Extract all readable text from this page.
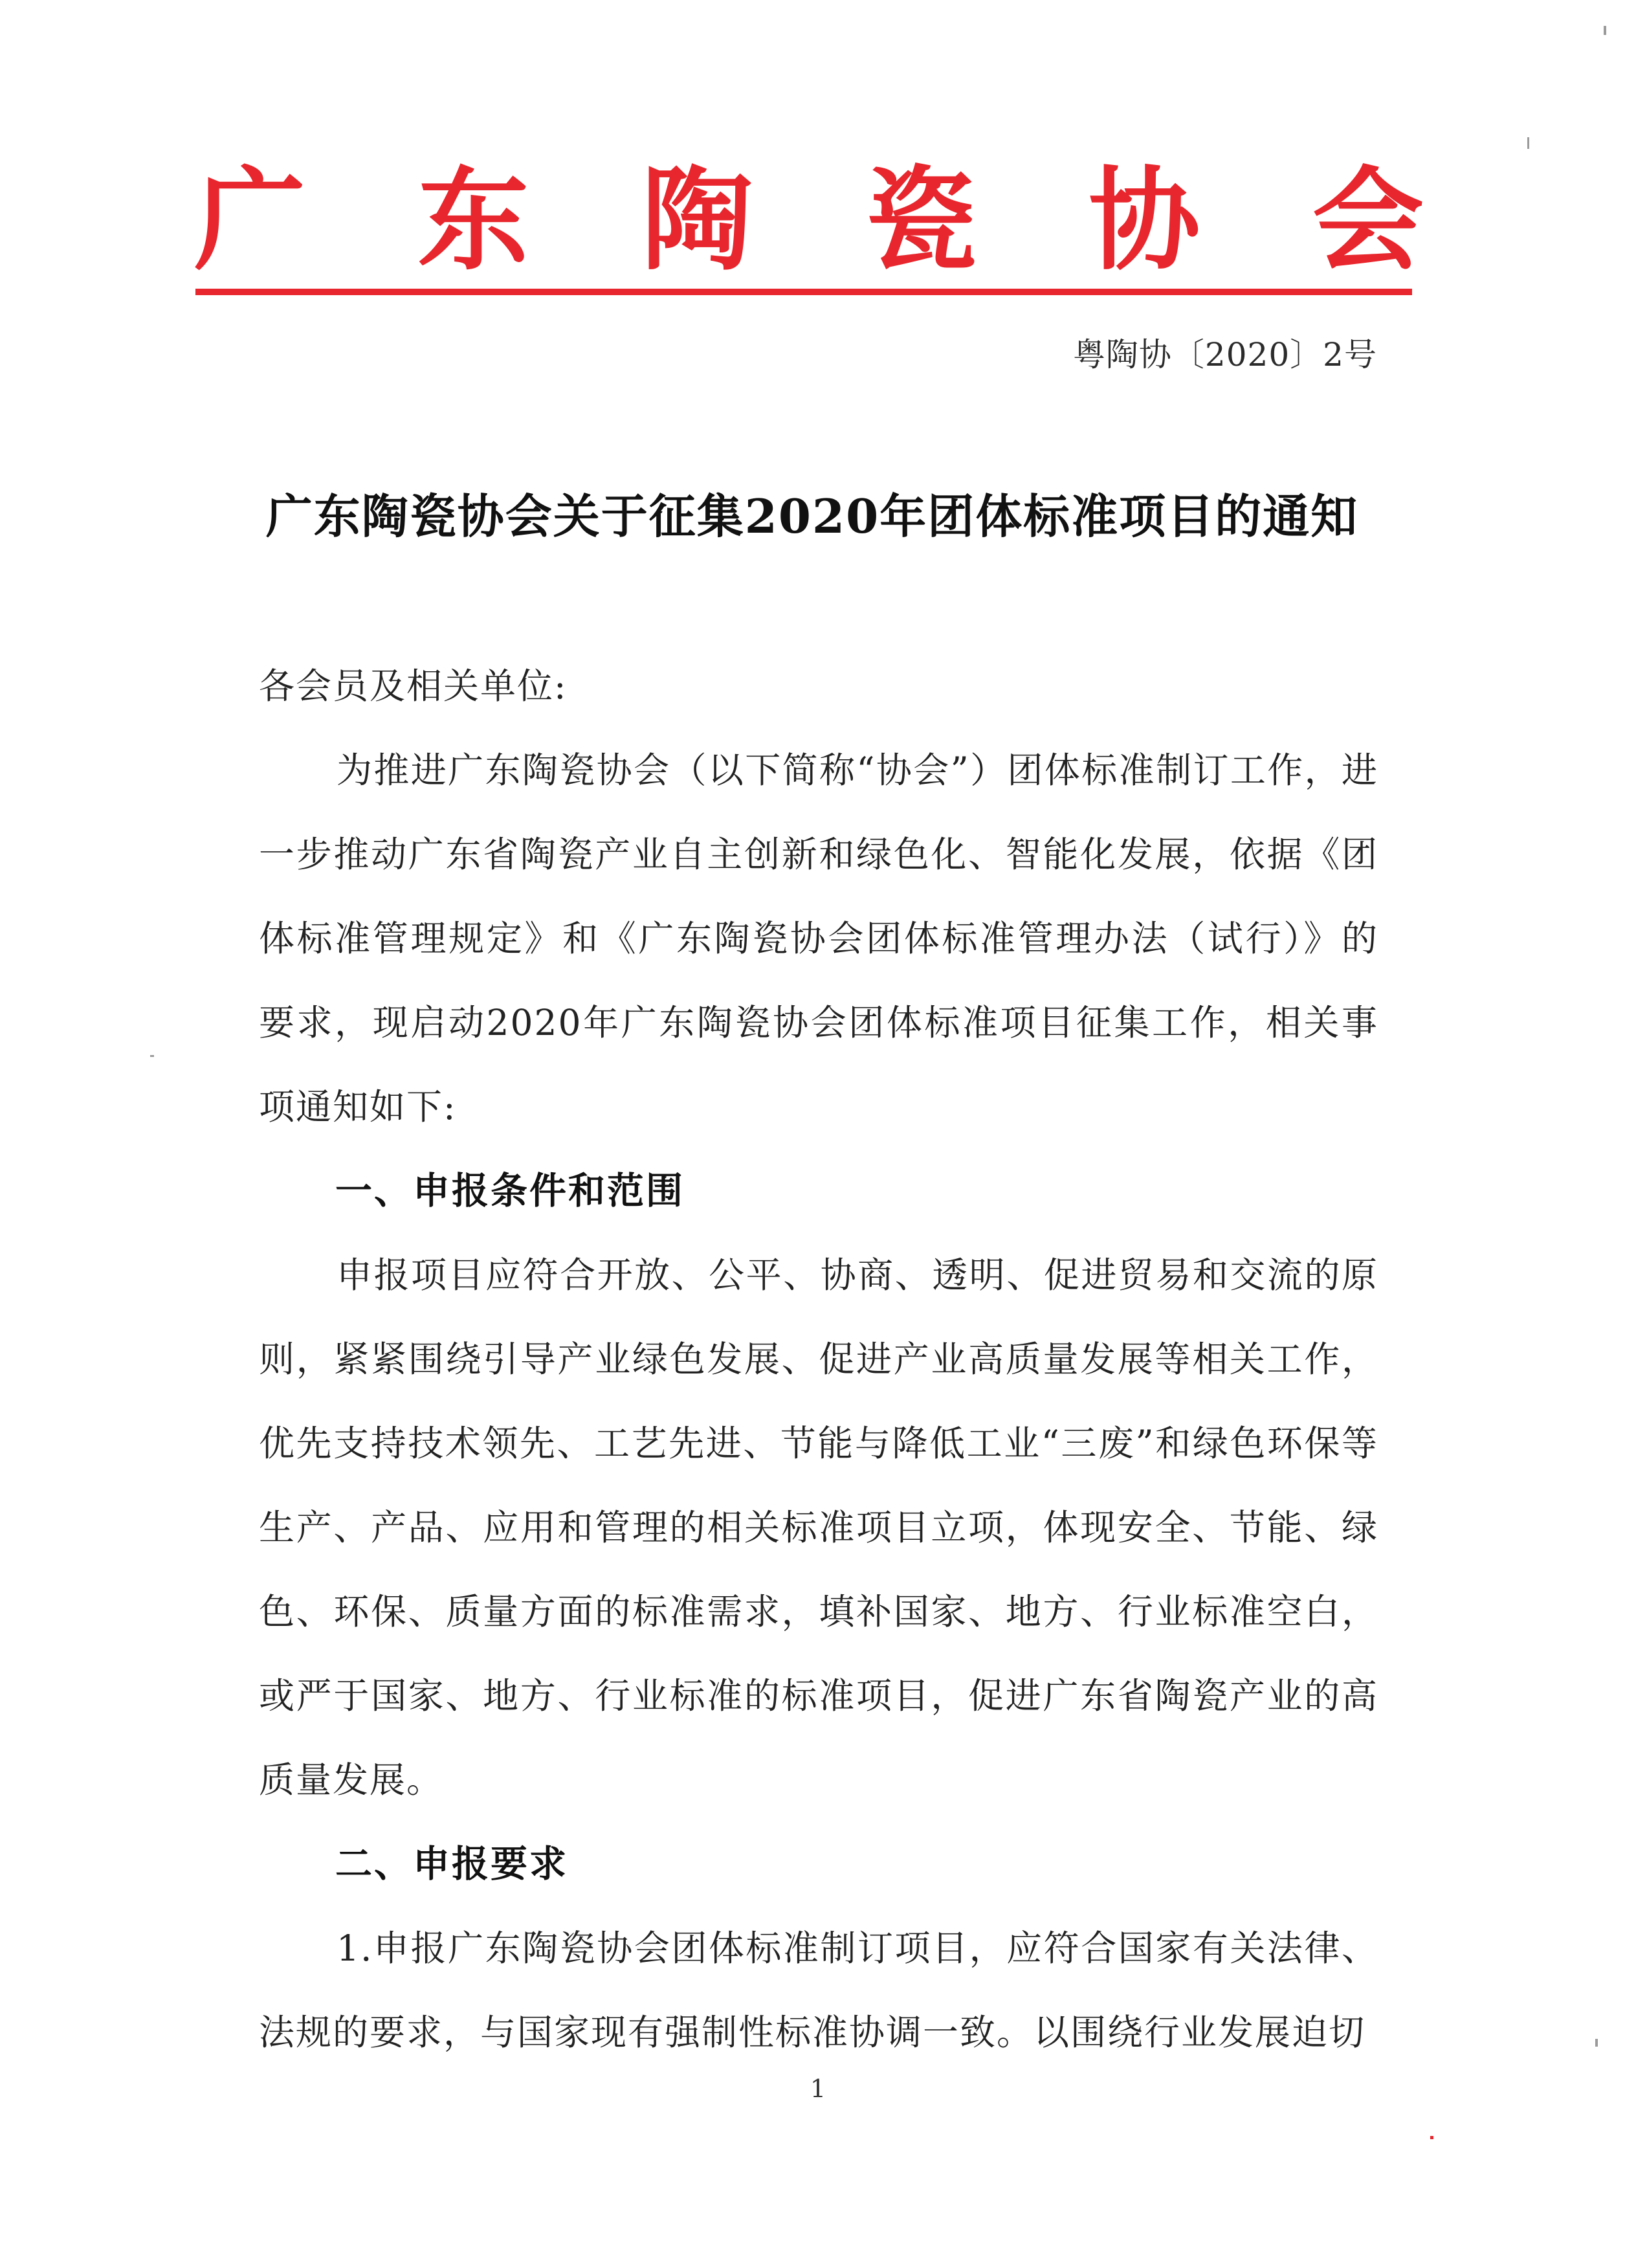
广 东 陶 瓷 协 会
粤陶协〔2020〕2号
广东陶瓷协会关于征集2020年团体标准项目的通知

各会员及相关单位:

为推进广东陶瓷协会（以下简称“协会”）团体标准制订工作，进一步推动广东省陶瓷产业自主创新和绿色化、智能化发展，依据《团体标准管理规定》和《广东陶瓷协会团体标准管理办法（试行）》的要求，现启动2020年广东陶瓷协会团体标准项目征集工作，相关事项通知如下:

一、申报条件和范围

申报项目应符合开放、公平、协商、透明、促进贸易和交流的原则，紧紧围绕引导产业绿色发展、促进产业高质量发展等相关工作，优先支持技术领先、工艺先进、节能与降低工业“三废”和绿色环保等生产、产品、应用和管理的相关标准项目立项，体现安全、节能、绿色、环保、质量方面的标准需求，填补国家、地方、行业标准空白，或严于国家、地方、行业标准的标准项目，促进广东省陶瓷产业的高质量发展。

二、申报要求

1.申报广东陶瓷协会团体标准制订项目，应符合国家有关法律、法规的要求，与国家现有强制性标准协调一致。以围绕行业发展迫切

1
